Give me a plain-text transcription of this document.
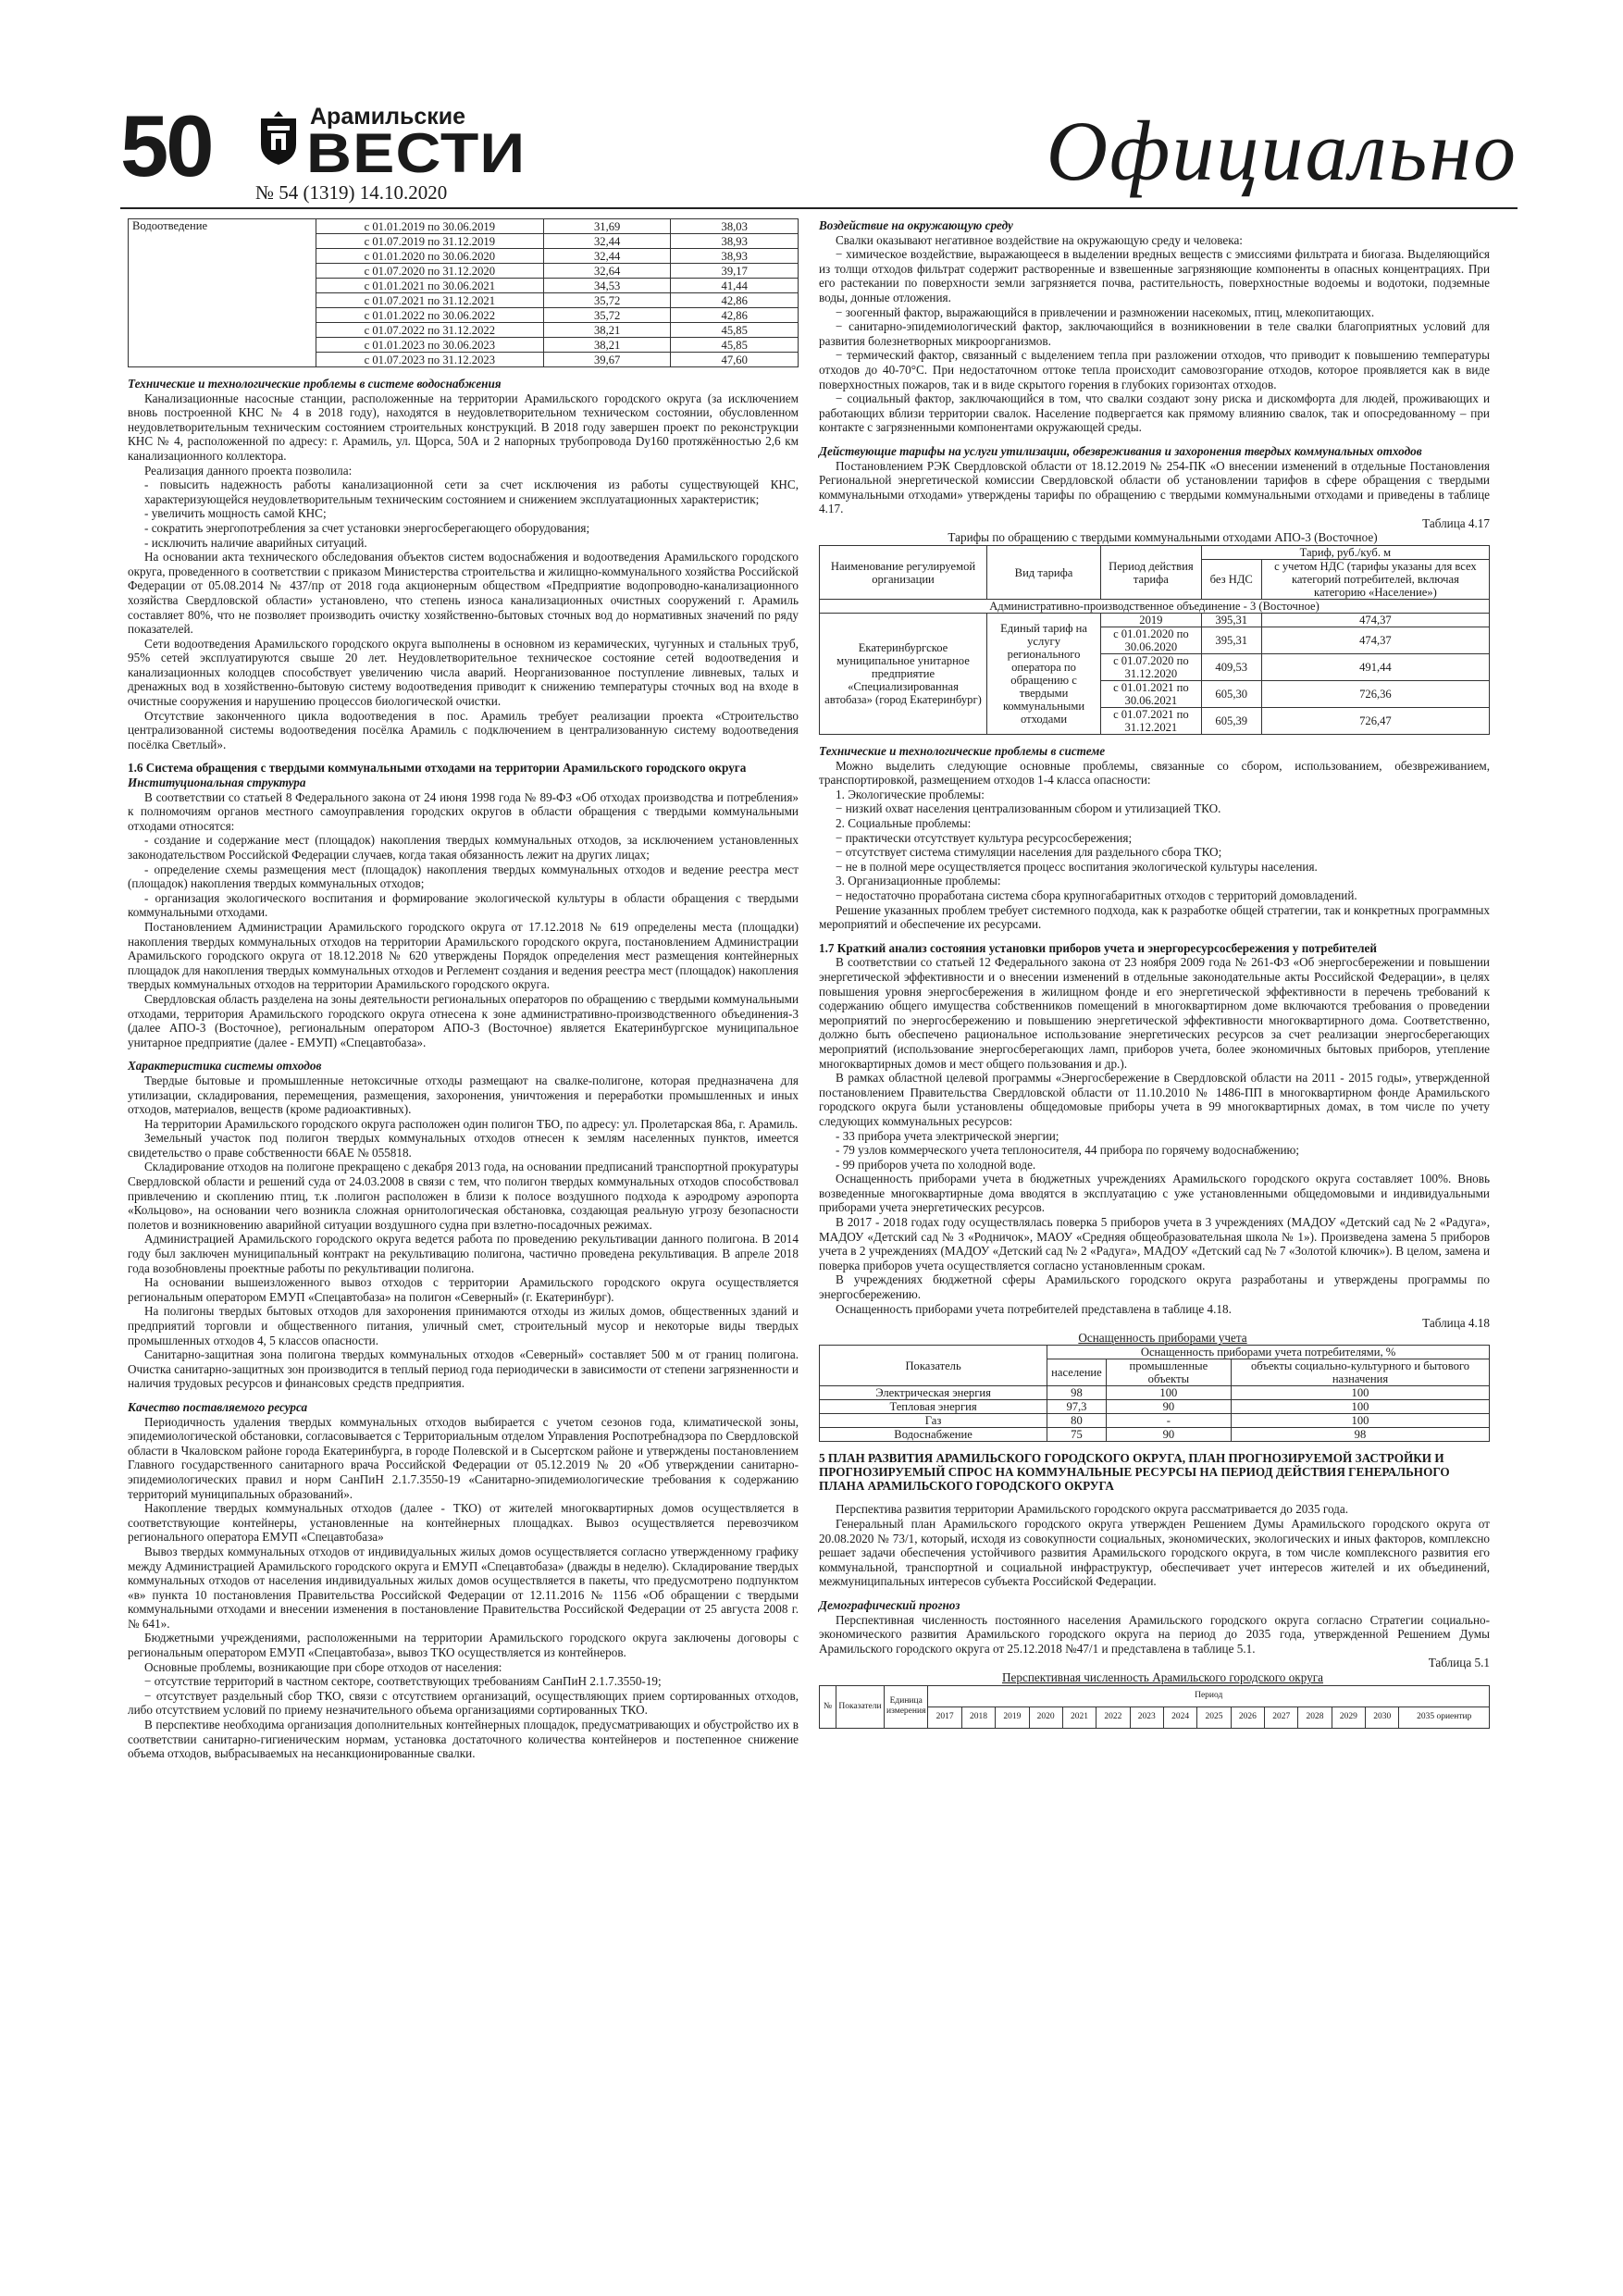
50	Арамильские
ВЕСТИ
№ 54 (1319) 14.10.2020	Официально
Водоотведение	с 01.01.2019 по 30.06.2019	31,69	38,03
	с 01.07.2019 по 31.12.2019	32,44	38,93
	с 01.01.2020 по 30.06.2020	32,44	38,93
	с 01.07.2020 по 31.12.2020	32,64	39,17
	с 01.01.2021 по 30.06.2021	34,53	41,44
	с 01.07.2021 по 31.12.2021	35,72	42,86
	с 01.01.2022 по 30.06.2022	35,72	42,86
	с 01.07.2022 по 31.12.2022	38,21	45,85
	с 01.01.2023 по 30.06.2023	38,21	45,85
	с 01.07.2023 по 31.12.2023	39,67	47,60

Технические и технологические проблемы в системе водоснабжения

Канализационные насосные станции, расположенные на территории Арамильского городского округа (за исключением вновь построенной КНС № 4 в 2018 году), находятся в неудовлетворительном техническом состоянии, обусловленном неудовлетворительным техническим состоянием строительных конструкций. В 2018 году завершен проект по реконструкции КНС № 4, расположенной по адресу: г. Арамиль, ул. Щорса, 50А и 2 напорных трубопровода Dy160 протяжённостью 2,6 км канализационного коллектора.

Реализация данного проекта позволила:

- повысить надежность работы канализационной сети за счет исключения из работы существующей КНС, характеризующейся неудовлетворительным техническим состоянием и снижением эксплуатационных характеристик;

- увеличить мощность самой КНС;

- сократить энергопотребления за счет установки энергосберегающего оборудования;

- исключить наличие аварийных ситуаций.

На основании акта технического обследования объектов систем водоснабжения и водоотведения Арамильского городского округа, проведенного в соответствии с приказом Министерства строительства и жилищно-коммунального хозяйства Российской Федерации от 05.08.2014 № 437/пр от 2018 года акционерным обществом «Предприятие водопроводно-канализационного хозяйства Свердловской области» установлено, что степень износа канализационных очистных сооружений г. Арамиль составляет 80%, что не позволяет производить очистку хозяйственно-бытовых сточных вод до нормативных значений по ряду показателей.

Сети водоотведения Арамильского городского округа выполнены в основном из керамических, чугунных и стальных труб, 95% сетей эксплуатируются свыше 20 лет. Неудовлетворительное техническое состояние сетей водоотведения и канализационных колодцев способствует увеличению числа аварий. Неорганизованное поступление ливневых, талых и дренажных вод в хозяйственно-бытовую систему водоотведения приводит к снижению температуры сточных вод на входе в очистные сооружения и нарушению процессов биологической очистки.

Отсутствие законченного цикла водоотведения в пос. Арамиль требует реализации проекта «Строительство централизованной системы водоотведения посёлка Арамиль с подключением в централизованную систему водоотведения посёлка Светлый».

1.6 Система обращения с твердыми коммунальными отходами на территории Арамильского городского округа

Институциональная структура

В соответствии со статьей 8 Федерального закона от 24 июня 1998 года № 89-ФЗ «Об отходах производства и потребления» к полномочиям органов местного самоуправления городских округов в области обращения с твердыми коммунальными отходами относятся:

- создание и содержание мест (площадок) накопления твердых коммунальных отходов, за исключением установленных законодательством Российской Федерации случаев, когда такая обязанность лежит на других лицах;

- определение схемы размещения мест (площадок) накопления твердых коммунальных отходов и ведение реестра мест (площадок) накопления твердых коммунальных отходов;

- организация экологического воспитания и формирование экологической культуры в области обращения с твердыми коммунальными отходами.

Постановлением Администрации Арамильского городского округа от 17.12.2018 № 619 определены места (площадки) накопления твердых коммунальных отходов на территории Арамильского городского округа, постановлением Администрации Арамильского городского округа от 18.12.2018 № 620 утверждены Порядок определения мест размещения контейнерных площадок для накопления твердых коммунальных отходов и Реглемент создания и ведения реестра мест (площадок) накопления твердых коммунальных отходов на территории Арамильского городского округа.

Свердловская область разделена на зоны деятельности региональных операторов по обращению с твердыми коммунальными отходами, территория Арамильского городского округа отнесена к зоне административно-производственного объединения-3 (далее АПО-3 (Восточное), региональным оператором АПО-3 (Восточное) является Екатеринбургское муниципальное унитарное предприятие (далее - ЕМУП) «Спецавтобаза».

Характеристика системы отходов

Твердые бытовые и промышленные нетоксичные отходы размещают на свалке-полигоне, которая предназначена для утилизации, складирования, перемещения, размещения, захоронения, уничтожения и переработки промышленных и иных отходов, материалов, веществ (кроме радиоактивных).

На территории Арамильского городского округа расположен один полигон ТБО, по адресу: ул. Пролетарская 86а, г. Арамиль.

Земельный участок под полигон твердых коммунальных отходов отнесен к землям населенных пунктов, имеется свидетельство о праве собственности 66АЕ № 055818.

Складирование отходов на полигоне прекращено с декабря 2013 года, на основании предписаний транспортной прокуратуры Свердловской области и решений суда от 24.03.2008 в связи с тем, что полигон твердых коммунальных отходов способствовал привлечению и скоплению птиц, т.к .полигон расположен в близи к полосе воздушного подхода к аэродрому аэропорта «Кольцово», на основании чего возникла сложная орнитологическая обстановка, создающая реальную угрозу безопасности полетов и возникновению аварийной ситуации воздушного судна при взлетно-посадочных режимах.

Администрацией Арамильского городского округа ведется работа по проведению рекультивации данного полигона. В 2014 году был заключен муниципальный контракт на рекультивацию полигона, частично проведена рекультивация. В апреле 2018 года возобновлены проектные работы по рекультивации полигона.

На основании вышеизложенного вывоз отходов с территории Арамильского городского округа осуществляется региональным оператором ЕМУП «Спецавтобаза» на полигон «Северный» (г. Екатеринбург).

На полигоны твердых бытовых отходов для захоронения принимаются отходы из жилых домов, общественных зданий и предприятий торговли и общественного питания, уличный смет, строительный мусор и некоторые виды твердых промышленных отходов 4, 5 классов опасности.

Санитарно-защитная зона полигона твердых коммунальных отходов «Северный» составляет 500 м от границ полигона. Очистка санитарно-защитных зон производится в теплый период года периодически в зависимости от степени загрязненности и наличия трудовых ресурсов и финансовых средств предприятия.

Качество поставляемого ресурса

Периодичность удаления твердых коммунальных отходов выбирается с учетом сезонов года, климатической зоны, эпидемиологической обстановки, согласовывается с Территориальным отделом Управления Роспотребнадзора по Свердловской области в Чкаловском районе города Екатеринбурга, в городе Полевской и в Сысертском районе и утверждены постановлением Главного государственного санитарного врача Российской Федерации от 05.12.2019 № 20 «Об утверждении санитарно-эпидемиологических правил и норм СанПиН 2.1.7.3550-19 «Санитарно-эпидемиологические требования к содержанию территорий муниципальных образований».

Накопление твердых коммунальных отходов (далее - ТКО) от жителей многоквартирных домов осуществляется в соответствующие контейнеры, установленные на контейнерных площадках. Вывоз осуществляется перевозчиком регионального оператора ЕМУП «Спецавтобаза»

Вывоз твердых коммунальных отходов от индивидуальных жилых домов осуществляется согласно утвержденному графику между Администрацией Арамильского городского округа и ЕМУП «Спецавтобаза» (дважды в неделю). Складирование твердых коммунальных отходов от населения индивидуальных жилых домов осуществляется в пакеты, что предусмотрено подпунктом «в» пункта 10 постановления Правительства Российской Федерации от 12.11.2016 № 1156 «Об обращении с твердыми коммунальными отходами и внесении изменения в постановление Правительства Российской Федерации от 25 августа 2008 г. № 641».

Бюджетными учреждениями, расположенными на территории Арамильского городского округа заключены договоры с региональным оператором ЕМУП «Спецавтобаза», вывоз ТКО осуществляется из контейнеров.

Основные проблемы, возникающие при сборе отходов от населения:

− отсутствие территорий в частном секторе, соответствующих требованиям СанПиН 2.1.7.3550-19;

− отсутствует раздельный сбор ТКО, связи с отсутствием организаций, осуществляющих прием сортированных отходов, либо отсутствием условий по приему незначительного объема организациями сортированных ТКО.

В перспективе необходима организация дополнительных контейнерных площадок, предусматривающих и обустройство их в соответствии санитарно-гигиеническим нормам, установка достаточного количества контейнеров и постепенное снижение объема отходов, выбрасываемых на несанкционированные свалки.

Воздействие на окружающую среду

Свалки оказывают негативное воздействие на окружающую среду и человека:

− химическое воздействие, выражающееся в выделении вредных веществ с эмиссиями фильтрата и биогаза. Выделяющийся из толщи отходов фильтрат содержит растворенные и взвешенные загрязняющие компоненты в опасных концентрациях. При его растекании по поверхности земли загрязняется почва, растительность, поверхностные водоемы и водотоки, подземные воды, донные отложения.

− зоогенный фактор, выражающийся в привлечении и размножении насекомых, птиц, млекопитающих.

− санитарно-эпидемиологический фактор, заключающийся в возникновении в теле свалки благоприятных условий для развития болезнетворных микроорганизмов.

− термический фактор, связанный с выделением тепла при разложении отходов, что приводит к повышению температуры отходов до 40-70°С. При недостаточном оттоке тепла происходит самовозгорание отходов, которое проявляется как в виде поверхностных пожаров, так и в виде скрытого горения в глубоких горизонтах отходов.

− социальный фактор, заключающийся в том, что свалки создают зону риска и дискомфорта для людей, проживающих и работающих вблизи территории свалок. Население подвергается как прямому влиянию свалок, так и опосредованному – при контакте с загрязненными компонентами окружающей среды.

Действующие тарифы на услуги утилизации, обезвреживания и захоронения твердых коммунальных отходов

Постановлением РЭК Свердловской области от 18.12.2019 № 254-ПК «О внесении изменений в отдельные Постановления Региональной энергетической комиссии Свердловской области об установлении тарифов в сфере обращения с твердыми коммунальными отходами» утверждены тарифы по обращению с твердыми коммунальными отходами и приведены в таблице 4.17.

Таблица 4.17

Тарифы по обращению с твердыми коммунальными отходами АПО-3 (Восточное)

Наименование регулируемой организации	Вид тарифа	Период действия тарифа	Тариф, руб./куб. м	
			без НДС	с учетом НДС (тарифы указаны для всех категорий потребителей, включая категорию «Население»)
Административно-производственное объединение - 3 (Восточное)				
Екатеринбургское муниципальное унитарное предприятие «Специализированная автобаза» (город Екатеринбург)	Единый тариф на услугу регионального оператора по обращению с твердыми коммунальными отходами	2019	395,31	474,37
		с 01.01.2020 по 30.06.2020	395,31	474,37
		с 01.07.2020 по 31.12.2020	409,53	491,44
		с 01.01.2021 по 30.06.2021	605,30	726,36
		с 01.07.2021 по 31.12.2021	605,39	726,47

Технические и технологические проблемы в системе

Можно выделить следующие основные проблемы, связанные со сбором, использованием, обезвреживанием, транспортировкой, размещением отходов 1-4 класса опасности:

1. Экологические проблемы:

− низкий охват населения централизованным сбором и утилизацией ТКО.

2. Социальные проблемы:

− практически отсутствует культура ресурсосбережения;

− отсутствует система стимуляции населения для раздельного сбора ТКО;

− не в полной мере осуществляется процесс воспитания экологической культуры населения.

3. Организационные проблемы:

− недостаточно проработана система сбора крупногабаритных отходов с территорий домовладений.

Решение указанных проблем требует системного подхода, как к разработке общей стратегии, так и конкретных программных мероприятий и обеспечение их ресурсами.

1.7 Краткий анализ состояния установки приборов учета и энергоресурсосбережения у потребителей

В соответствии со статьей 12 Федерального закона от 23 ноября 2009 года № 261-ФЗ «Об энергосбережении и повышении энергетической эффективности и о внесении изменений в отдельные законодательные акты Российской Федерации», в целях повышения уровня энергосбережения в жилищном фонде и его энергетической эффективности в перечень требований к содержанию общего имущества собственников помещений в многоквартирном доме включаются требования о проведении мероприятий по энергосбережению и повышению энергетической эффективности многоквартирного дома. Соответственно, должно быть обеспечено рациональное использование энергетических ресурсов за счет реализации энергосберегающих мероприятий (использование энергосберегающих ламп, приборов учета, более экономичных бытовых приборов, утепление многоквартирных домов и мест общего пользования и др.).

В рамках областной целевой программы «Энергосбережение в Свердловской области на 2011 - 2015 годы», утвержденной постановлением Правительства Свердловской области от 11.10.2010 № 1486-ПП в многоквартирном фонде Арамильского городского округа были установлены общедомовые приборы учета в 99 многоквартирных домах, в том числе по учету следующих коммунальных ресурсов:

- 33 прибора учета электрической энергии;

- 79 узлов коммерческого учета теплоносителя, 44 прибора по горячему водоснабжению;

- 99 приборов учета по холодной воде.

Оснащенность приборами учета в бюджетных учреждениях Арамильского городского округа составляет 100%. Вновь возведенные многоквартирные дома вводятся в эксплуатацию с уже установленными общедомовыми и индивидуальными приборами учета энергетических ресурсов.

В 2017 - 2018 годах году осуществлялась поверка 5 приборов учета в 3 учреждениях (МАДОУ «Детский сад № 2 «Радуга», МАДОУ «Детский сад № 3 «Родничок», МАОУ «Средняя общеобразовательная школа № 1»). Произведена замена 5 приборов учета в 2 учреждениях (МАДОУ «Детский сад № 2 «Радуга», МАДОУ «Детский сад № 7 «Золотой ключик»). В целом, замена и поверка приборов учета осуществляется согласно установленным срокам.

В учреждениях бюджетной сферы Арамильского городского округа разработаны и утверждены программы по энергосбережению.

Оснащенность приборами учета потребителей представлена в таблице 4.18.

Таблица 4.18

Оснащенность приборами учета

Показатель	Оснащенность приборами учета потребителями, %		
	население	промышленные объекты	объекты социально-культурного и бытового назначения
Электрическая энергия	98	100	100
Тепловая энергия	97,3	90	100
Газ	80	-	100
Водоснабжение	75	90	98

5 ПЛАН РАЗВИТИЯ АРАМИЛЬСКОГО ГОРОДСКОГО ОКРУГА, ПЛАН ПРОГНОЗИРУЕМОЙ ЗАСТРОЙКИ И ПРОГНОЗИРУЕМЫЙ СПРОС НА КОММУНАЛЬНЫЕ РЕСУРСЫ НА ПЕРИОД ДЕЙСТВИЯ ГЕНЕРАЛЬНОГО ПЛАНА АРАМИЛЬСКОГО ГОРОДСКОГО ОКРУГА

Перспектива развития территории Арамильского городского округа рассматривается до 2035 года.

Генеральный план Арамильского городского округа утвержден Решением Думы Арамильского городского округа от 20.08.2020 № 73/1, который, исходя из совокупности социальных, экономических, экологических и иных факторов, комплексно решает задачи обеспечения устойчивого развития Арамильского городского округа, в том числе комплексного развития его коммунальной, транспортной и социальной инфраструктур, обеспечивает учет интересов жителей и их объединений, межмуниципальных интересов субъекта Российской Федерации.

Демографический прогноз

Перспективная численность постоянного населения Арамильского городского округа согласно Стратегии социально-экономического развития Арамильского городского округа на период до 2035 года, утвержденной Решением Думы Арамильского городского округа от 25.12.2018 №47/1 и представлена в таблице 5.1.

Таблица 5.1

Перспективная численность Арамильского городского округа

№	Показатели	Единица измерения	Период														
			2017	2018	2019	2020	2021	2022	2023	2024	2025	2026	2027	2028	2029	2030	2035 ориентир
